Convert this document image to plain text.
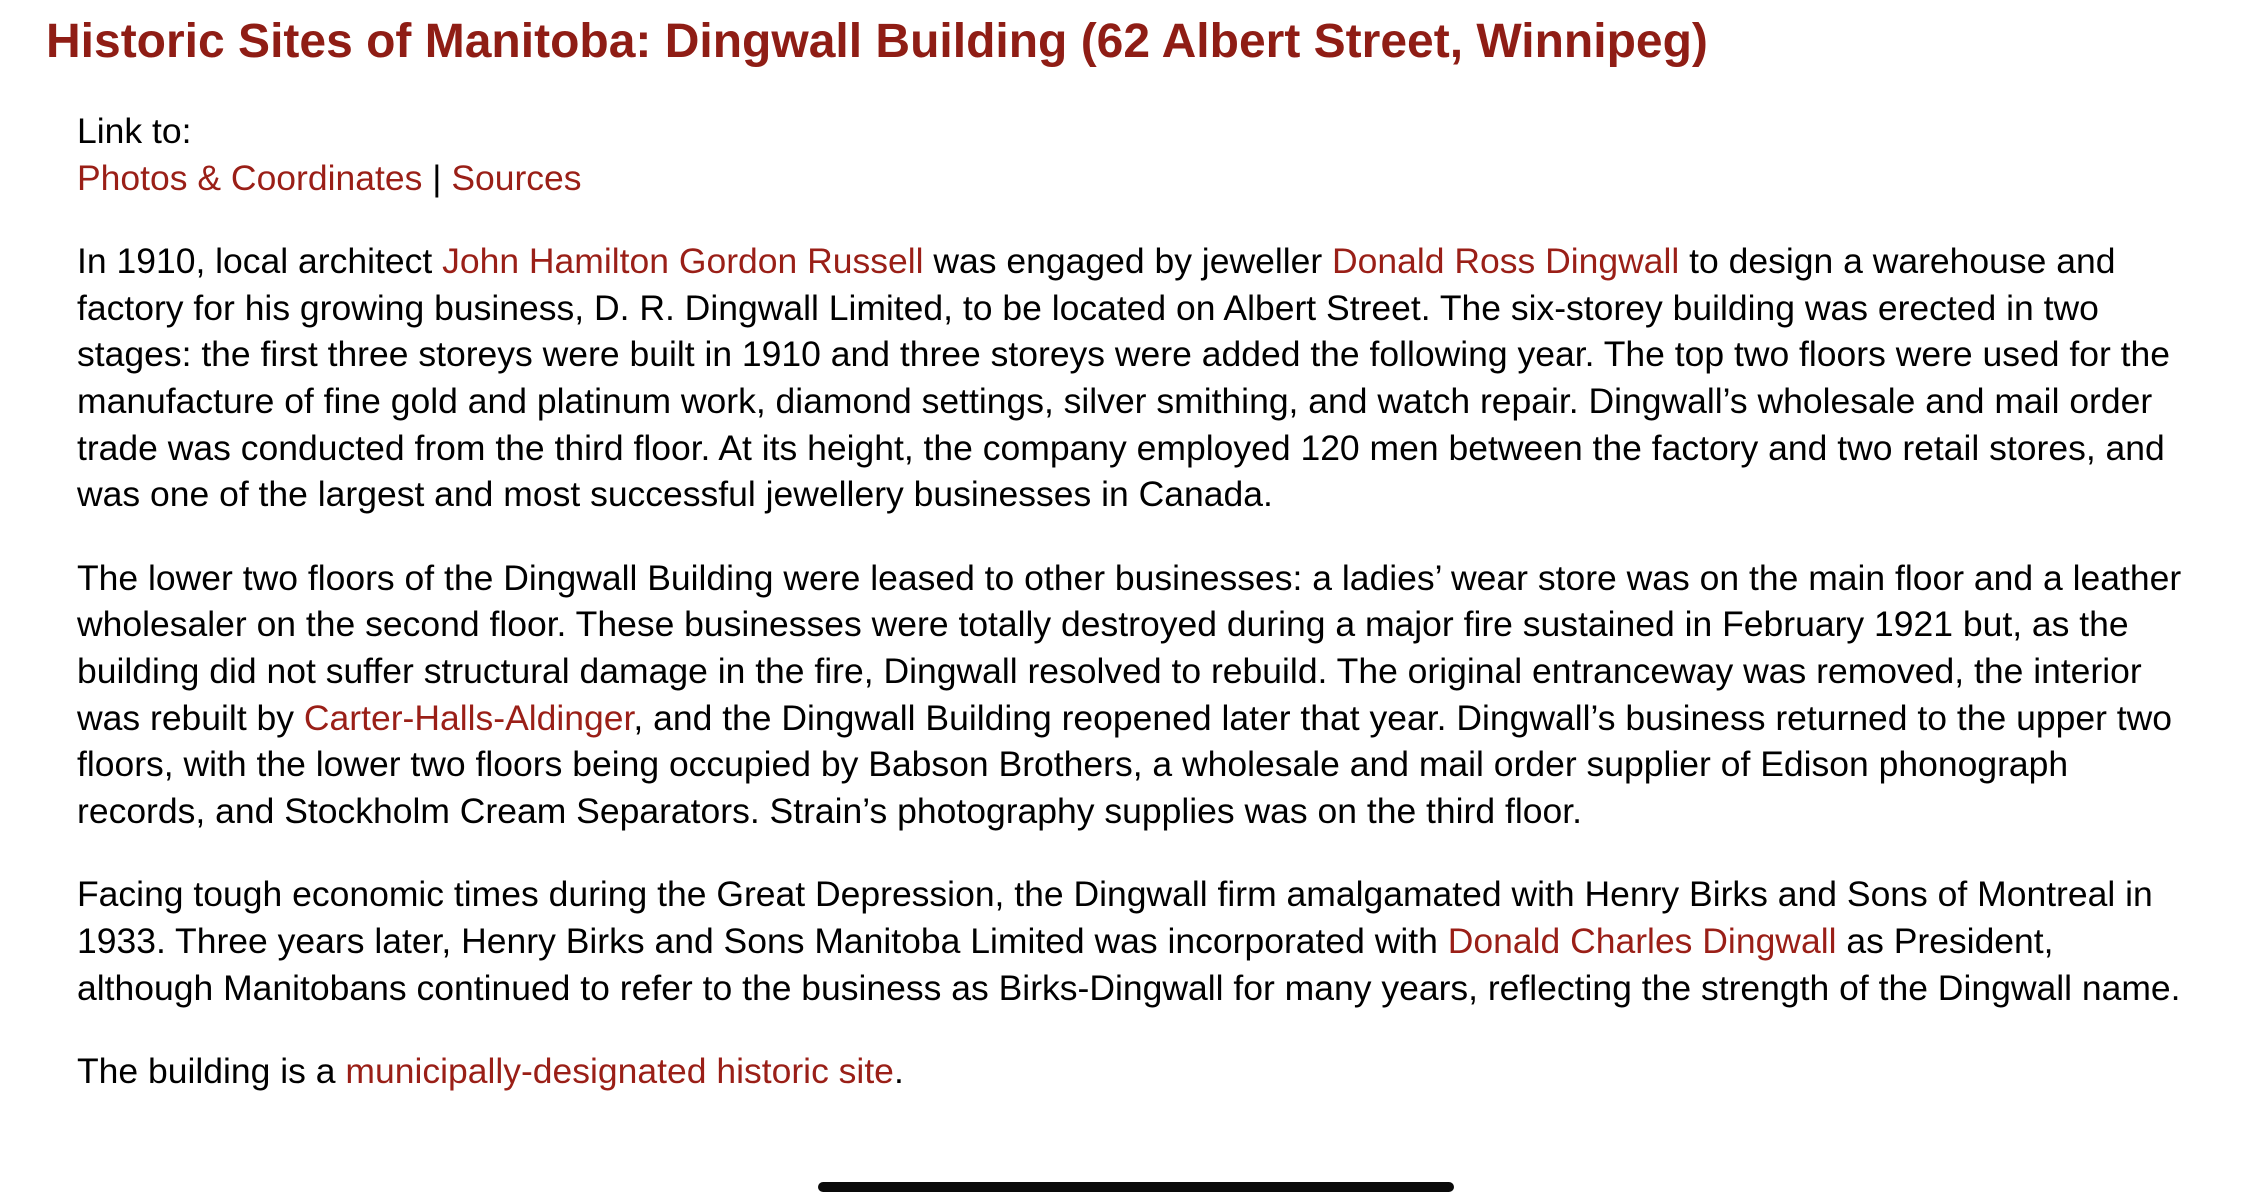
Historic Sites of Manitoba: Dingwall Building (62 Albert Street, Winnipeg)
Link to:
Photos & Coordinates | Sources

In 1910, local architect John Hamilton Gordon Russell was engaged by jeweller Donald Ross Dingwall to design a warehouse and factory for his growing business, D. R. Dingwall Limited, to be located on Albert Street. The six-storey building was erected in two stages: the first three storeys were built in 1910 and three storeys were added the following year. The top two floors were used for the manufacture of fine gold and platinum work, diamond settings, silver smithing, and watch repair. Dingwall’s wholesale and mail order trade was conducted from the third floor. At its height, the company employed 120 men between the factory and two retail stores, and was one of the largest and most successful jewellery businesses in Canada.

The lower two floors of the Dingwall Building were leased to other businesses: a ladies’ wear store was on the main floor and a leather wholesaler on the second floor. These businesses were totally destroyed during a major fire sustained in February 1921 but, as the building did not suffer structural damage in the fire, Dingwall resolved to rebuild. The original entranceway was removed, the interior was rebuilt by Carter-Halls-Aldinger, and the Dingwall Building reopened later that year. Dingwall’s business returned to the upper two floors, with the lower two floors being occupied by Babson Brothers, a wholesale and mail order supplier of Edison phonograph records, and Stockholm Cream Separators. Strain’s photography supplies was on the third floor.

Facing tough economic times during the Great Depression, the Dingwall firm amalgamated with Henry Birks and Sons of Montreal in 1933. Three years later, Henry Birks and Sons Manitoba Limited was incorporated with Donald Charles Dingwall as President, although Manitobans continued to refer to the business as Birks-Dingwall for many years, reflecting the strength of the Dingwall name.

The building is a municipally-designated historic site.
